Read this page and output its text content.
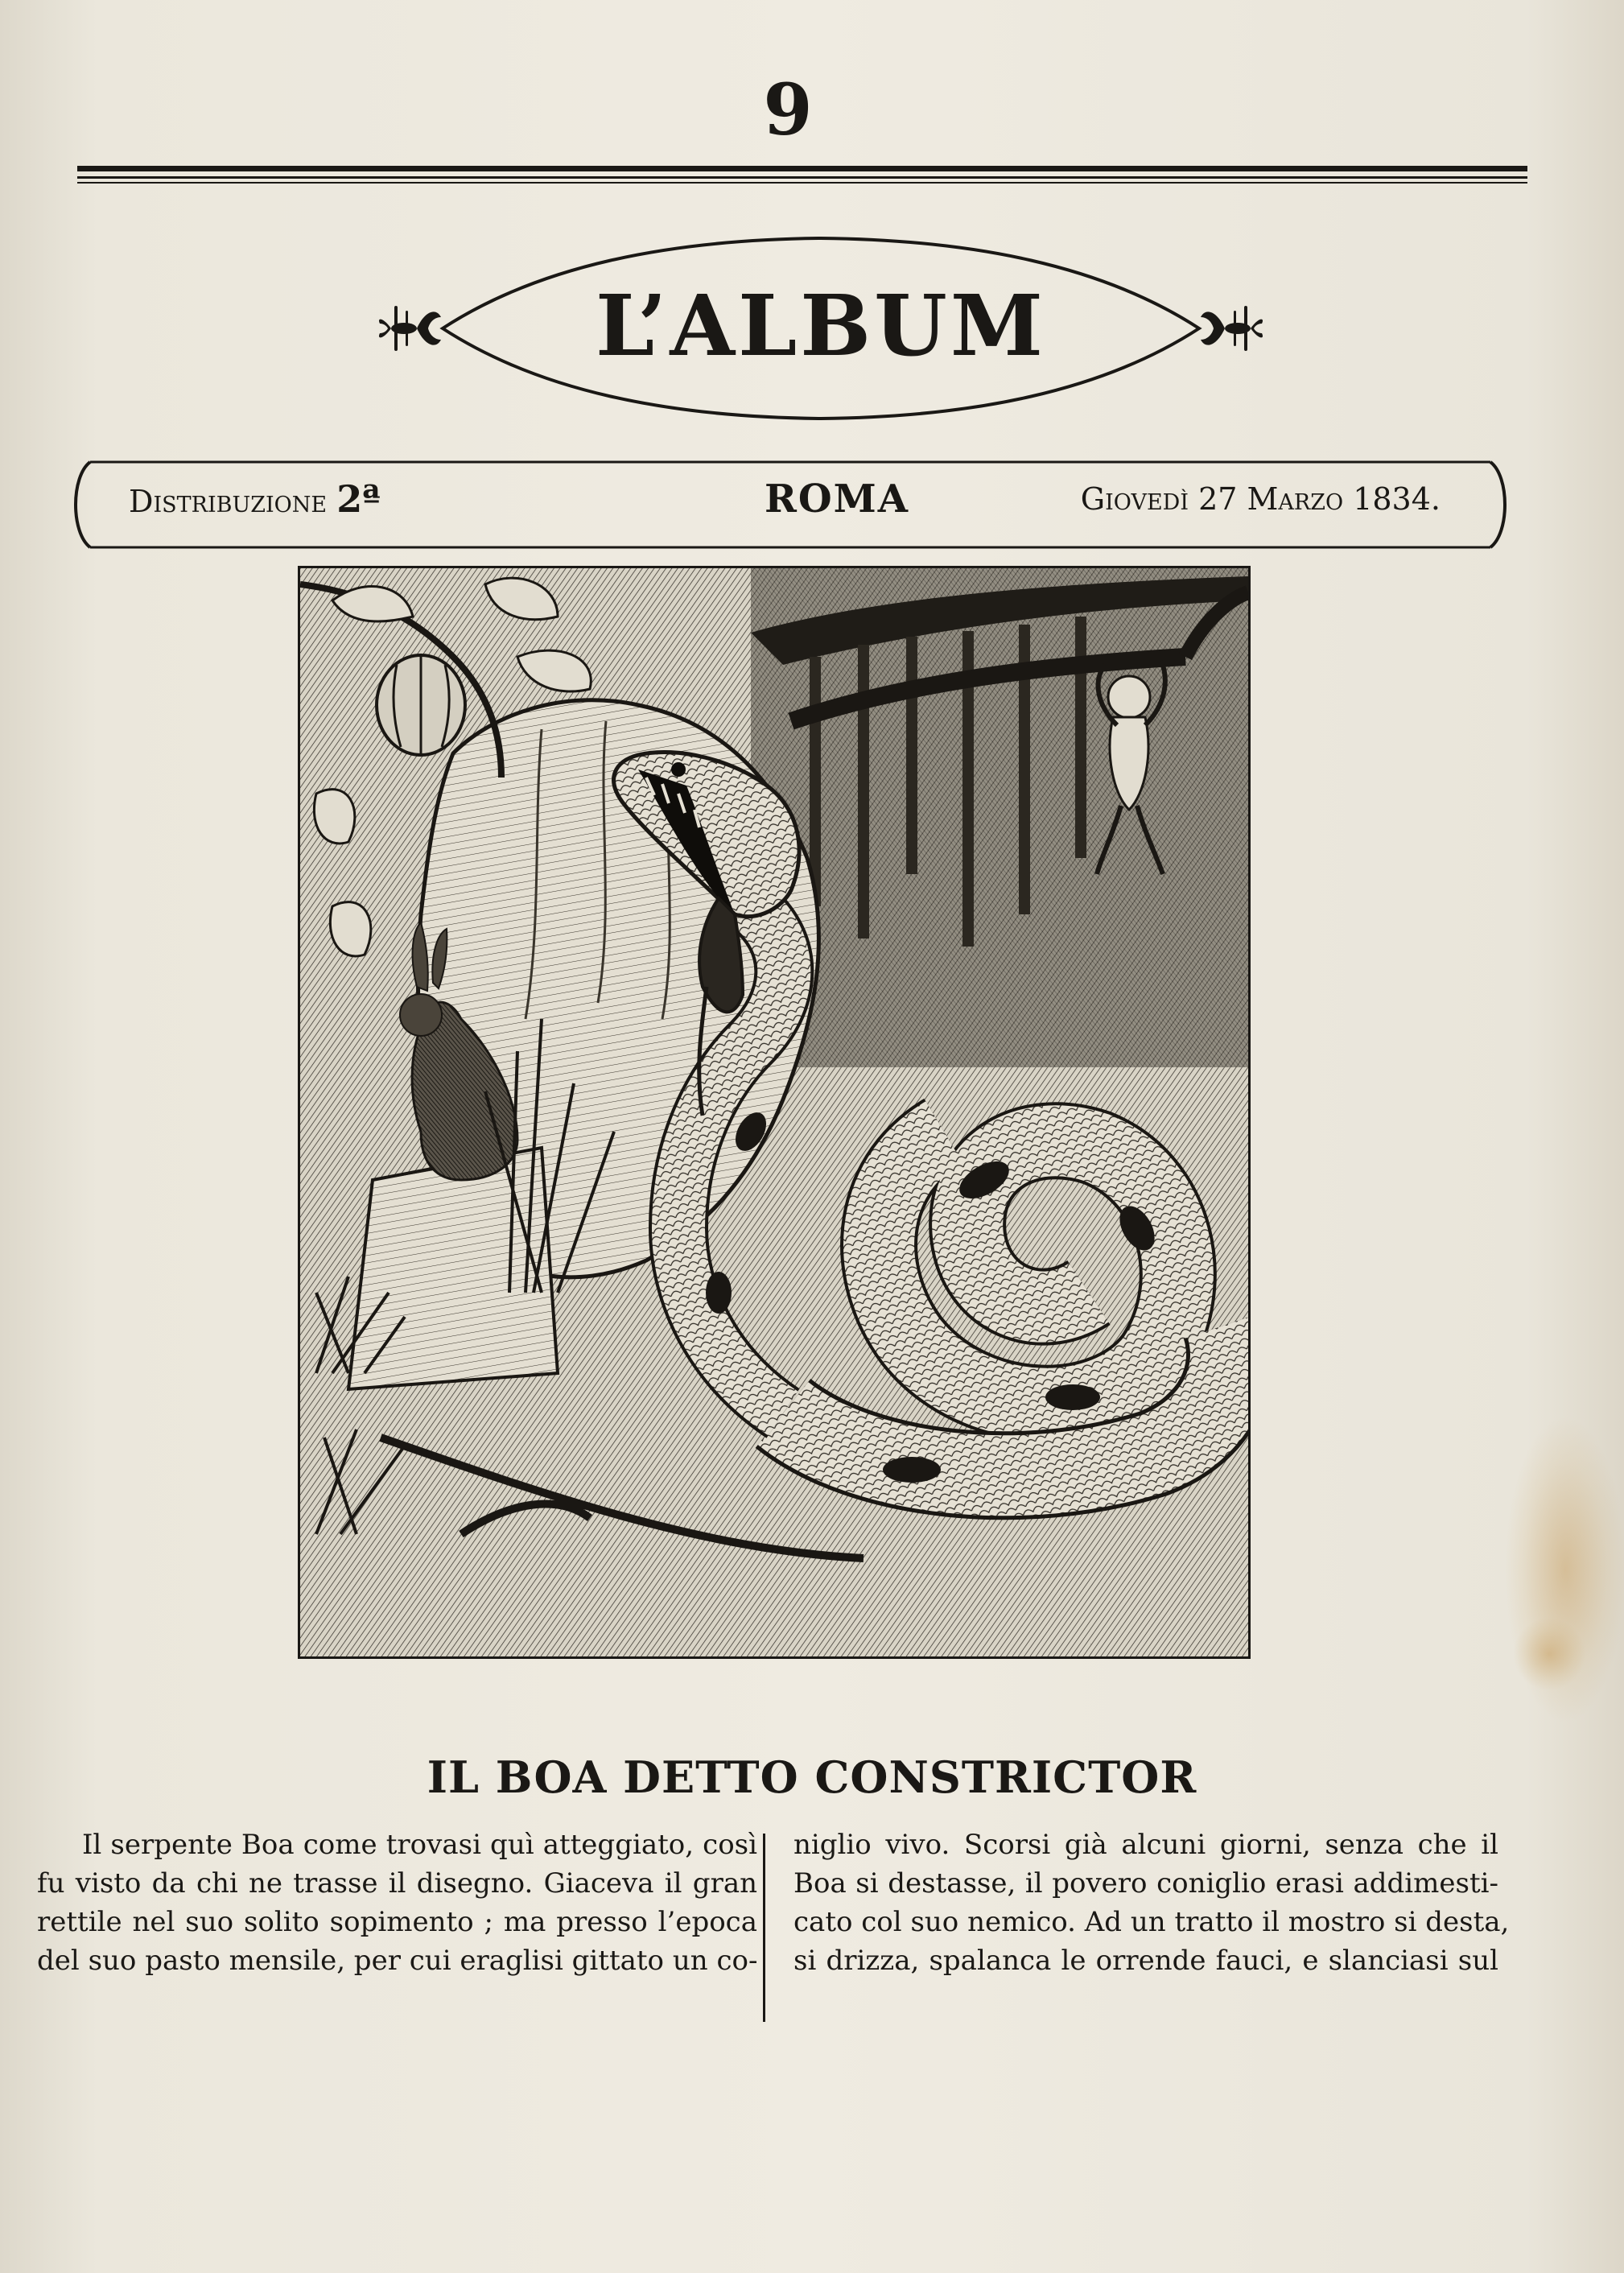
9
L’ALBUM
Distribuzione 2ª	ROMA	Giovedì 27 Marzo 1834.
IL BOA DETTO CONSTRICTOR
Il serpente Boa come trovasi quì atteggiato, così
fu visto da chi ne trasse il disegno. Giaceva il gran
rettile nel suo solito sopimento ; ma presso l’epoca
del suo pasto mensile, per cui eraglisi gittato un co-
niglio vivo. Scorsi già alcuni giorni, senza che il
Boa si destasse, il povero coniglio erasi addimesti-
cato col suo nemico. Ad un tratto il mostro si desta,
si drizza, spalanca le orrende fauci, e slanciasi sul
